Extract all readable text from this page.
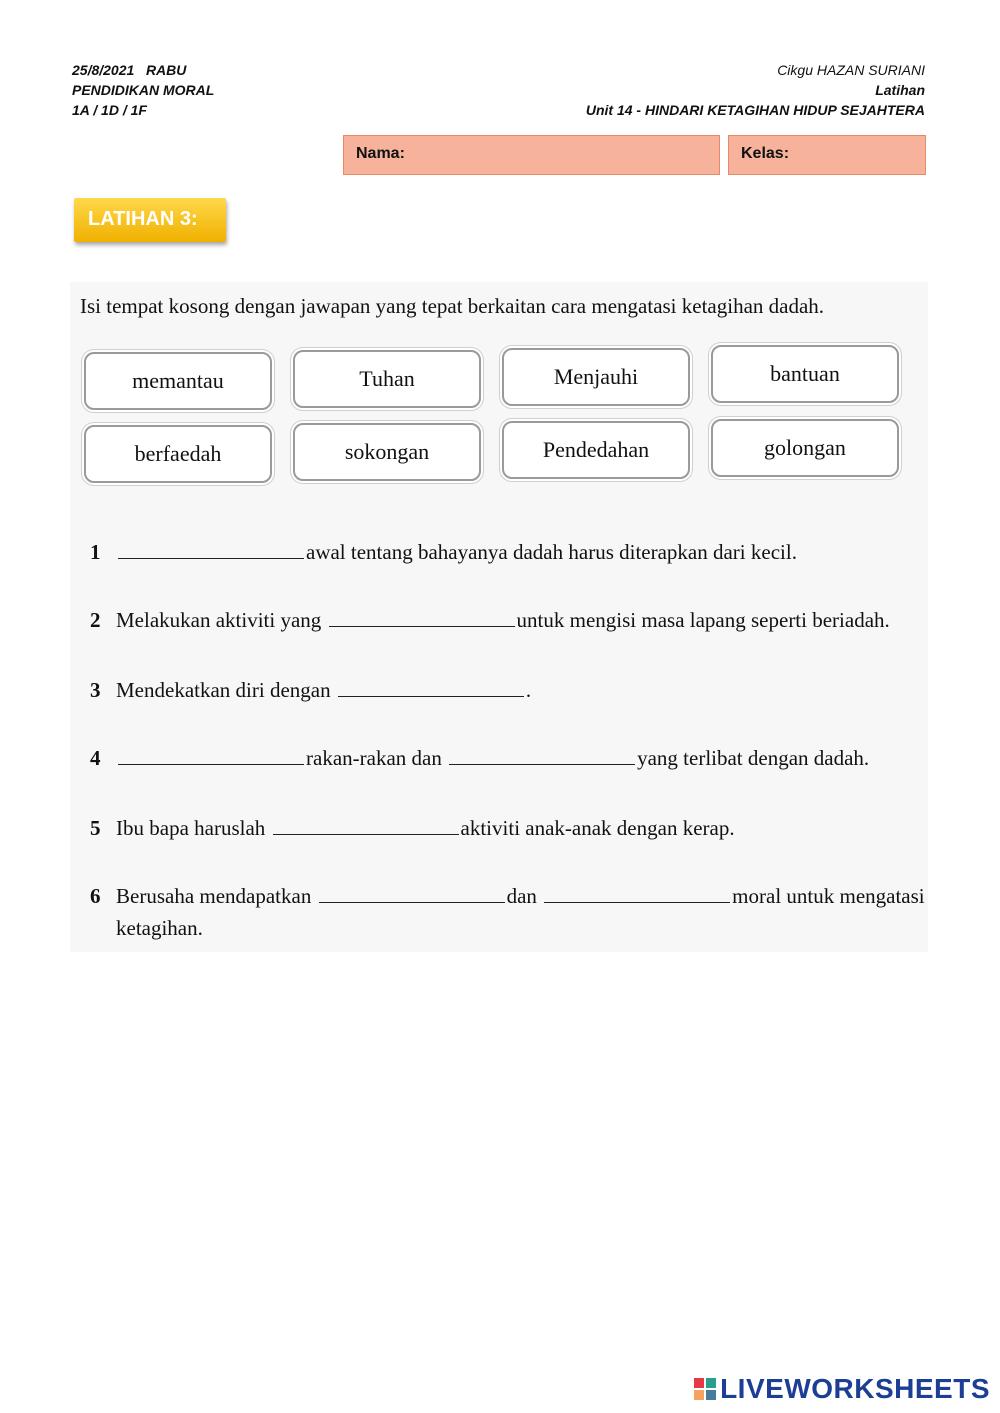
25/8/2021   RABU
PENDIDIKAN MORAL
1A / 1D / 1F
Cikgu HAZAN SURIANI
Latihan
Unit 14 - HINDARI KETAGIHAN HIDUP SEJAHTERA
Nama:	Kelas:
LATIHAN 3:
Isi tempat kosong dengan jawapan yang tepat berkaitan cara mengatasi ketagihan dadah.
memantau	Tuhan	Menjauhi	bantuan
berfaedah	sokongan	Pendedahan	golongan
1	awal tentang bahayanya dadah harus diterapkan dari kecil.
2 Melakukan aktiviti yang	untuk mengisi masa lapang seperti beriadah.
3 Mendekatkan diri dengan	.
4	rakan-rakan dan	yang terlibat dengan dadah.
5 Ibu bapa haruslah	aktiviti anak-anak dengan kerap.
6 Berusaha mendapatkan	dan	moral untuk mengatasi
ketagihan.
LIVEWORKSHEETS
